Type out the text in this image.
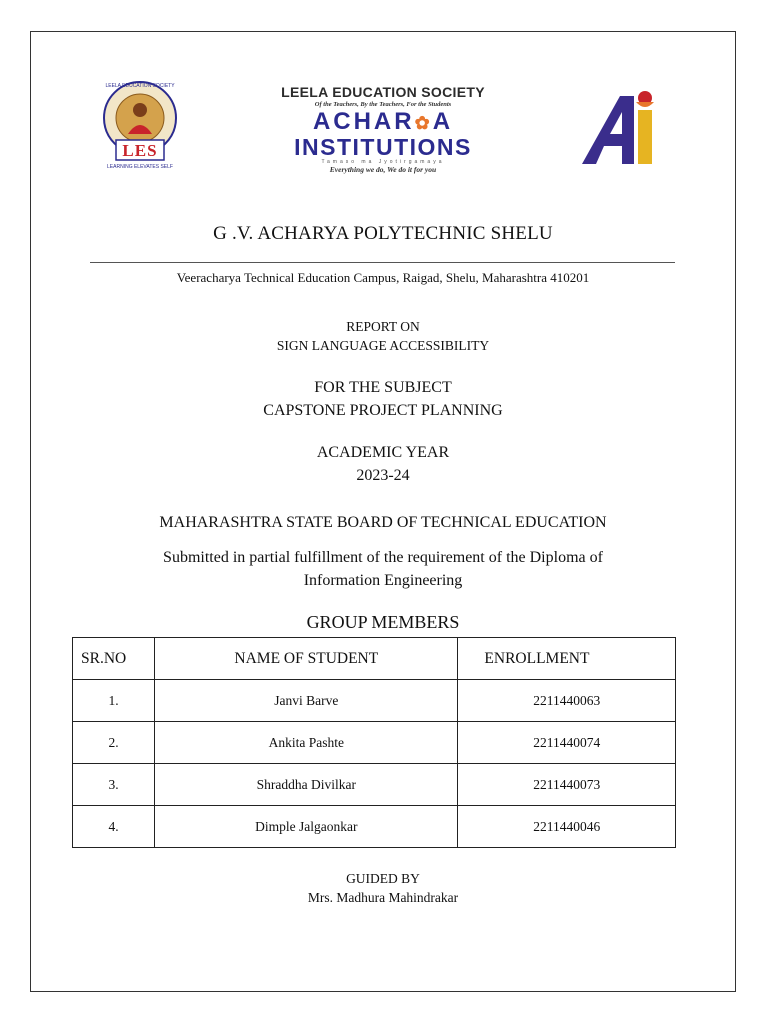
LES
LEELA EDUCATION SOCIETY
LEARNING ELEVATES SELF
LEELA EDUCATION SOCIETY
Of the Teachers, By the Teachers, For the Students
ACHAR✿A
INSTITUTIONS
Tamaso ma Jyotirgamaya
Everything we do, We do it for you
G .V. ACHARYA POLYTECHNIC SHELU
Veeracharya Technical Education Campus, Raigad, Shelu, Maharashtra 410201
REPORT ON
SIGN LANGUAGE ACCESSIBILITY
FOR THE SUBJECT
CAPSTONE PROJECT PLANNING
ACADEMIC YEAR
2023-24
MAHARASHTRA STATE BOARD OF TECHNICAL EDUCATION
Submitted in partial fulfillment of the requirement of the Diploma of
Information Engineering
GROUP MEMBERS
SR.NO	NAME OF STUDENT	ENROLLMENT
1.	Janvi Barve	2211440063
2.	Ankita Pashte	2211440074
3.	Shraddha Divilkar	2211440073
4.	Dimple Jalgaonkar	2211440046
GUIDED BY
Mrs. Madhura Mahindrakar
